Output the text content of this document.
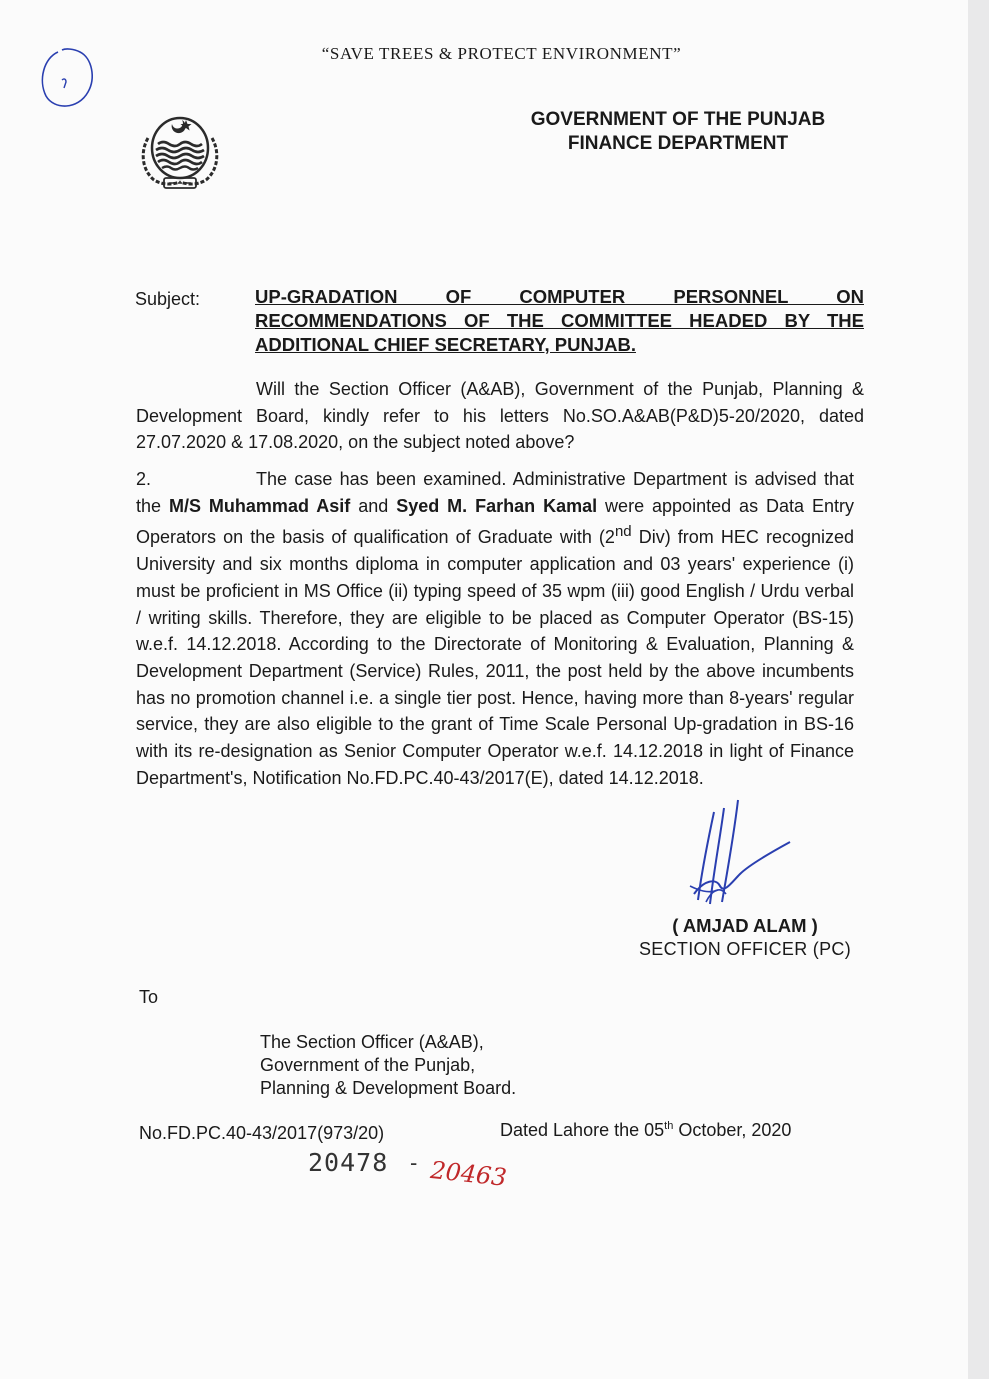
“SAVE TREES & PROTECT ENVIRONMENT”
GOVERNMENT OF THE PUNJAB
FINANCE DEPARTMENT
Subject:	UP-GRADATION OF COMPUTER PERSONNEL ON RECOMMENDATIONS OF THE COMMITTEE HEADED BY THE ADDITIONAL CHIEF SECRETARY, PUNJAB.
Will the Section Officer (A&AB), Government of the Punjab, Planning & Development Board, kindly refer to his letters No.SO.A&AB(P&D)5-20/2020, dated 27.07.2020 & 17.08.2020, on the subject noted above?
2.	The case has been examined. Administrative Department is advised that the M/S Muhammad Asif and Syed M. Farhan Kamal were appointed as Data Entry Operators on the basis of qualification of Graduate with (2nd Div) from HEC recognized University and six months diploma in computer application and 03 years' experience (i) must be proficient in MS Office (ii) typing speed of 35 wpm (iii) good English / Urdu verbal / writing skills. Therefore, they are eligible to be placed as Computer Operator (BS-15) w.e.f. 14.12.2018. According to the Directorate of Monitoring & Evaluation, Planning & Development Department (Service) Rules, 2011, the post held by the above incumbents has no promotion channel i.e. a single tier post. Hence, having more than 8-years' regular service, they are also eligible to the grant of Time Scale Personal Up-gradation in BS-16 with its re-designation as Senior Computer Operator w.e.f. 14.12.2018 in light of Finance Department's, Notification No.FD.PC.40-43/2017(E), dated 14.12.2018.
( AMJAD ALAM )
SECTION OFFICER (PC)
To
The Section Officer (A&AB),
Government of the Punjab,
Planning & Development Board.
No.FD.PC.40-43/2017(973/20)	Dated Lahore the 05th October, 2020
20478 - 20463
